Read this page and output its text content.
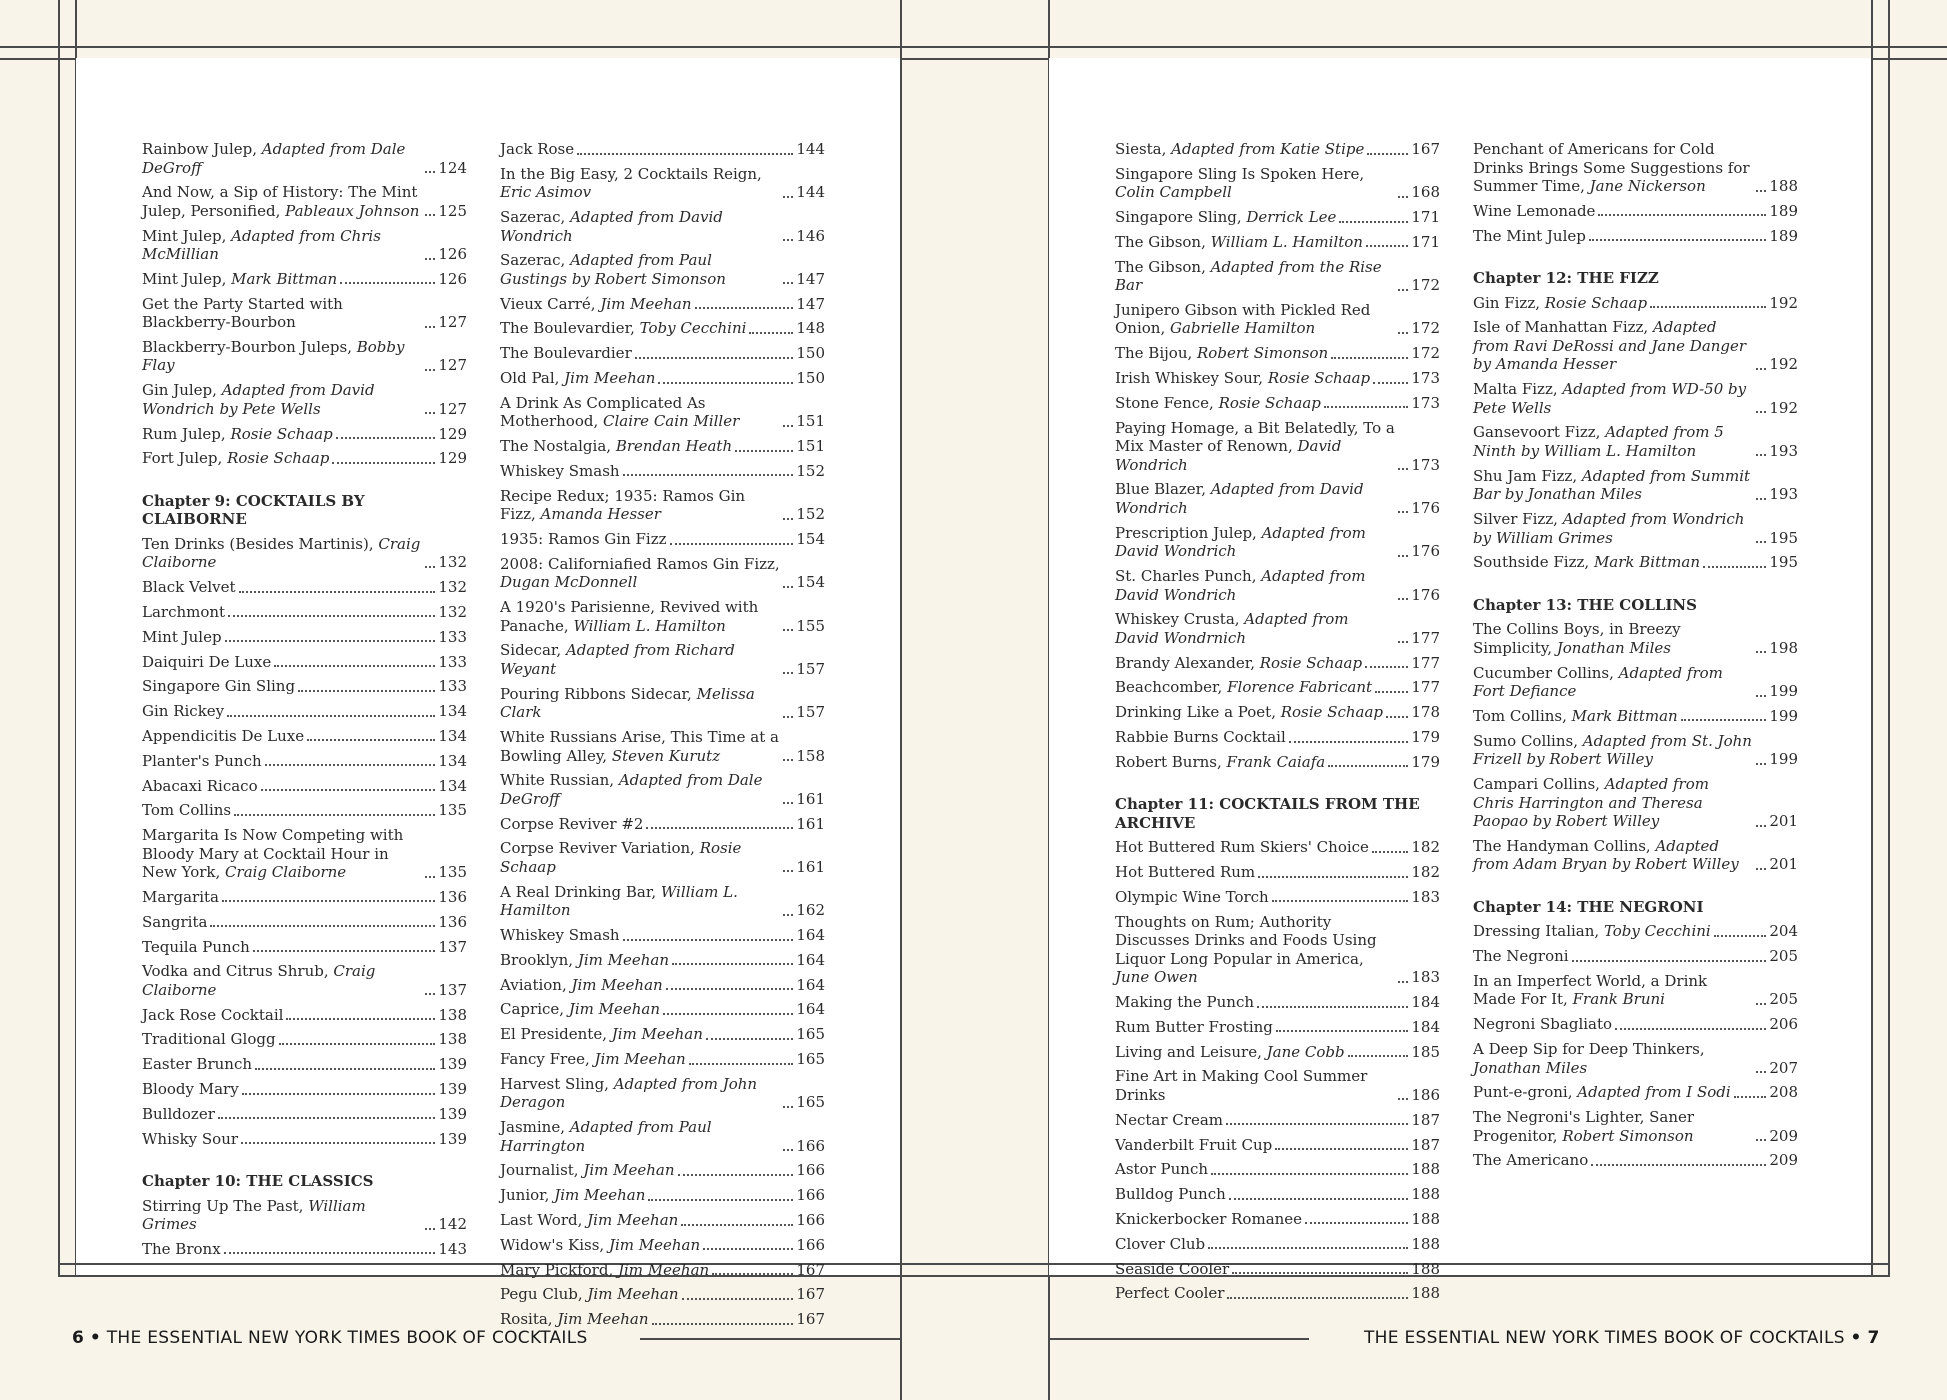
Rainbow Julep, Adapted from Dale DeGroff	124
And Now, a Sip of History: The Mint Julep, Personified, Pableaux Johnson 125
Mint Julep, Adapted from Chris McMillian	126
Mint Julep, Mark Bittman	126
Get the Party Started with Blackberry-Bourbon	127
Blackberry-Bourbon Juleps, Bobby Flay	127
Gin Julep, Adapted from David Wondrich by Pete Wells	127
Rum Julep, Rosie Schaap	129
Fort Julep, Rosie Schaap	129
Chapter 9: COCKTAILS BY CLAIBORNE
Ten Drinks (Besides Martinis), Craig Claiborne	132
Black Velvet	132
Larchmont	132
Mint Julep	133
Daiquiri De Luxe	133
Singapore Gin Sling	133
Gin Rickey	134
Appendicitis De Luxe	134
Planter's Punch	134
Abacaxi Ricaco	134
Tom Collins	135
Margarita Is Now Competing with Bloody Mary at Cocktail Hour in New York, Craig Claiborne	135
Margarita	136
Sangrita	136
Tequila Punch	137
Vodka and Citrus Shrub, Craig Claiborne	137
Jack Rose Cocktail	138
Traditional Glogg	138
Easter Brunch	139
Bloody Mary	139
Bulldozer	139
Whisky Sour	139
Chapter 10: THE CLASSICS
Stirring Up The Past, William Grimes	142
The Bronx	143
Jack Rose	144
In the Big Easy, 2 Cocktails Reign, Eric Asimov	144
Sazerac, Adapted from David Wondrich	146
Sazerac, Adapted from Paul Gustings by Robert Simonson	147
Vieux Carré, Jim Meehan	147
The Boulevardier, Toby Cecchini	148
The Boulevardier	150
Old Pal, Jim Meehan	150
A Drink As Complicated As Motherhood, Claire Cain Miller	151
The Nostalgia, Brendan Heath	151
Whiskey Smash	152
Recipe Redux; 1935: Ramos Gin Fizz, Amanda Hesser	152
1935: Ramos Gin Fizz	154
2008: Californiafied Ramos Gin Fizz, Dugan McDonnell	154
A 1920's Parisienne, Revived with Panache, William L. Hamilton	155
Sidecar, Adapted from Richard Weyant	157
Pouring Ribbons Sidecar, Melissa Clark	157
White Russians Arise, This Time at a Bowling Alley, Steven Kurutz	158
White Russian, Adapted from Dale DeGroff	161
Corpse Reviver #2	161
Corpse Reviver Variation, Rosie Schaap	161
A Real Drinking Bar, William L. Hamilton	162
Whiskey Smash	164
Brooklyn, Jim Meehan	164
Aviation, Jim Meehan	164
Caprice, Jim Meehan	164
El Presidente, Jim Meehan	165
Fancy Free, Jim Meehan	165
Harvest Sling, Adapted from John Deragon	165
Jasmine, Adapted from Paul Harrington	166
Journalist, Jim Meehan	166
Junior, Jim Meehan	166
Last Word, Jim Meehan	166
Widow's Kiss, Jim Meehan	166
Mary Pickford, Jim Meehan	167
Pegu Club, Jim Meehan	167
Rosita, Jim Meehan	167
Siesta, Adapted from Katie Stipe	167
Singapore Sling Is Spoken Here, Colin Campbell	168
Singapore Sling, Derrick Lee	171
The Gibson, William L. Hamilton	171
The Gibson, Adapted from the Rise Bar	172
Junipero Gibson with Pickled Red Onion, Gabrielle Hamilton	172
The Bijou, Robert Simonson	172
Irish Whiskey Sour, Rosie Schaap	173
Stone Fence, Rosie Schaap	173
Paying Homage, a Bit Belatedly, To a Mix Master of Renown, David Wondrich	173
Blue Blazer, Adapted from David Wondrich	176
Prescription Julep, Adapted from David Wondrich	176
St. Charles Punch, Adapted from David Wondrich	176
Whiskey Crusta, Adapted from David Wondrnich	177
Brandy Alexander, Rosie Schaap	177
Beachcomber, Florence Fabricant	177
Drinking Like a Poet, Rosie Schaap 178
Rabbie Burns Cocktail	179
Robert Burns, Frank Caiafa	179
Chapter 11: COCKTAILS FROM THE ARCHIVE
Hot Buttered Rum Skiers' Choice	182
Hot Buttered Rum	182
Olympic Wine Torch	183
Thoughts on Rum; Authority Discusses Drinks and Foods Using Liquor Long Popular in America, June Owen	183
Making the Punch	184
Rum Butter Frosting	184
Living and Leisure, Jane Cobb	185
Fine Art in Making Cool Summer Drinks	186
Nectar Cream	187
Vanderbilt Fruit Cup	187
Astor Punch	188
Bulldog Punch	188
Knickerbocker Romanee	188
Clover Club	188
Seaside Cooler	188
Perfect Cooler	188
Penchant of Americans for Cold Drinks Brings Some Suggestions for Summer Time, Jane Nickerson	188
Wine Lemonade	189
The Mint Julep	189
Chapter 12: THE FIZZ
Gin Fizz, Rosie Schaap	192
Isle of Manhattan Fizz, Adapted from Ravi DeRossi and Jane Danger by Amanda Hesser	192
Malta Fizz, Adapted from WD-50 by Pete Wells	192
Gansevoort Fizz, Adapted from 5 Ninth by William L. Hamilton	193
Shu Jam Fizz, Adapted from Summit Bar by Jonathan Miles	193
Silver Fizz, Adapted from Wondrich by William Grimes	195
Southside Fizz, Mark Bittman	195
Chapter 13: THE COLLINS
The Collins Boys, in Breezy Simplicity, Jonathan Miles	198
Cucumber Collins, Adapted from Fort Defiance	199
Tom Collins, Mark Bittman	199
Sumo Collins, Adapted from St. John Frizell by Robert Willey	199
Campari Collins, Adapted from Chris Harrington and Theresa Paopao by Robert Willey	201
The Handyman Collins, Adapted from Adam Bryan by Robert Willey	201
Chapter 14: THE NEGRONI
Dressing Italian, Toby Cecchini	204
The Negroni	205
In an Imperfect World, a Drink Made For It, Frank Bruni	205
Negroni Sbagliato	206
A Deep Sip for Deep Thinkers, Jonathan Miles	207
Punt-e-groni, Adapted from I Sodi	208
The Negroni's Lighter, Saner Progenitor, Robert Simonson	209
The Americano	209
6 • THE ESSENTIAL NEW YORK TIMES BOOK OF COCKTAILS	THE ESSENTIAL NEW YORK TIMES BOOK OF COCKTAILS • 7
